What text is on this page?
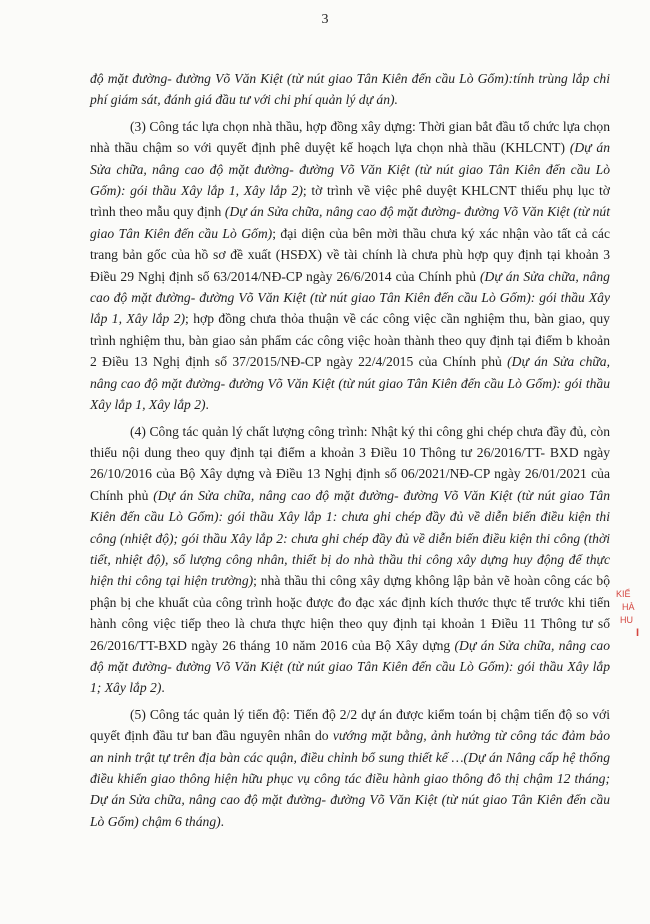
3

độ mặt đường- đường Võ Văn Kiệt (từ nút giao Tân Kiên đến cầu Lò Gốm):tính trùng lắp chi phí giám sát, đánh giá đầu tư với chi phí quản lý dự án).

(3) Công tác lựa chọn nhà thầu, hợp đồng xây dựng: Thời gian bắt đầu tổ chức lựa chọn nhà thầu chậm so với quyết định phê duyệt kế hoạch lựa chọn nhà thầu (KHLCNT) (Dự án Sửa chữa, nâng cao độ mặt đường- đường Võ Văn Kiệt (từ nút giao Tân Kiên đến cầu Lò Gốm): gói thầu Xây lắp 1, Xây lắp 2); tờ trình về việc phê duyệt KHLCNT thiếu phụ lục tờ trình theo mẫu quy định (Dự án Sửa chữa, nâng cao độ mặt đường- đường Võ Văn Kiệt (từ nút giao Tân Kiên đến cầu Lò Gốm); đại diện của bên mời thầu chưa ký xác nhận vào tất cả các trang bản gốc của hồ sơ đề xuất (HSĐX) về tài chính là chưa phù hợp quy định tại khoản 3 Điều 29 Nghị định số 63/2014/NĐ-CP ngày 26/6/2014 của Chính phủ (Dự án Sửa chữa, nâng cao độ mặt đường- đường Võ Văn Kiệt (từ nút giao Tân Kiên đến cầu Lò Gốm): gói thầu Xây lắp 1, Xây lắp 2); hợp đồng chưa thỏa thuận về các công việc cần nghiệm thu, bàn giao, quy trình nghiệm thu, bàn giao sản phẩm các công việc hoàn thành theo quy định tại điểm b khoản 2 Điều 13 Nghị định số 37/2015/NĐ-CP ngày 22/4/2015 của Chính phủ (Dự án Sửa chữa, nâng cao độ mặt đường- đường Võ Văn Kiệt (từ nút giao Tân Kiên đến cầu Lò Gốm): gói thầu Xây lắp 1, Xây lắp 2).

(4) Công tác quản lý chất lượng công trình: Nhật ký thi công ghi chép chưa đầy đủ, còn thiếu nội dung theo quy định tại điểm a khoản 3 Điều 10 Thông tư 26/2016/TT- BXD ngày 26/10/2016 của Bộ Xây dựng và Điều 13 Nghị định số 06/2021/NĐ-CP ngày 26/01/2021 của Chính phủ (Dự án Sửa chữa, nâng cao độ mặt đường- đường Võ Văn Kiệt (từ nút giao Tân Kiên đến cầu Lò Gốm): gói thầu Xây lắp 1: chưa ghi chép đầy đủ về diễn biến điều kiện thi công (nhiệt độ); gói thầu Xây lắp 2: chưa ghi chép đầy đủ về diễn biến điều kiện thi công (thời tiết, nhiệt độ), số lượng công nhân, thiết bị do nhà thầu thi công xây dựng huy động để thực hiện thi công tại hiện trường); nhà thầu thi công xây dựng không lập bản vẽ hoàn công các bộ phận bị che khuất của công trình hoặc được đo đạc xác định kích thước thực tế trước khi tiến hành công việc tiếp theo là chưa thực hiện theo quy định tại khoản 1 Điều 11 Thông tư số 26/2016/TT-BXD ngày 26 tháng 10 năm 2016 của Bộ Xây dựng (Dự án Sửa chữa, nâng cao độ mặt đường- đường Võ Văn Kiệt (từ nút giao Tân Kiên đến cầu Lò Gốm): gói thầu Xây lắp 1; Xây lắp 2).

(5) Công tác quản lý tiến độ: Tiến độ 2/2 dự án được kiểm toán bị chậm tiến độ so với quyết định đầu tư ban đầu nguyên nhân do vướng mặt bằng, ảnh hưởng từ công tác đảm bảo an ninh trật tự trên địa bàn các quận, điều chỉnh bổ sung thiết kế …(Dự án Nâng cấp hệ thống điều khiển giao thông hiện hữu phục vụ công tác điều hành giao thông đô thị chậm 12 tháng; Dự án Sửa chữa, nâng cao độ mặt đường- đường Võ Văn Kiệt (từ nút giao Tân Kiên đến cầu Lò Gốm) chậm 6 tháng).

KIỂ
HÀ
HU
I
